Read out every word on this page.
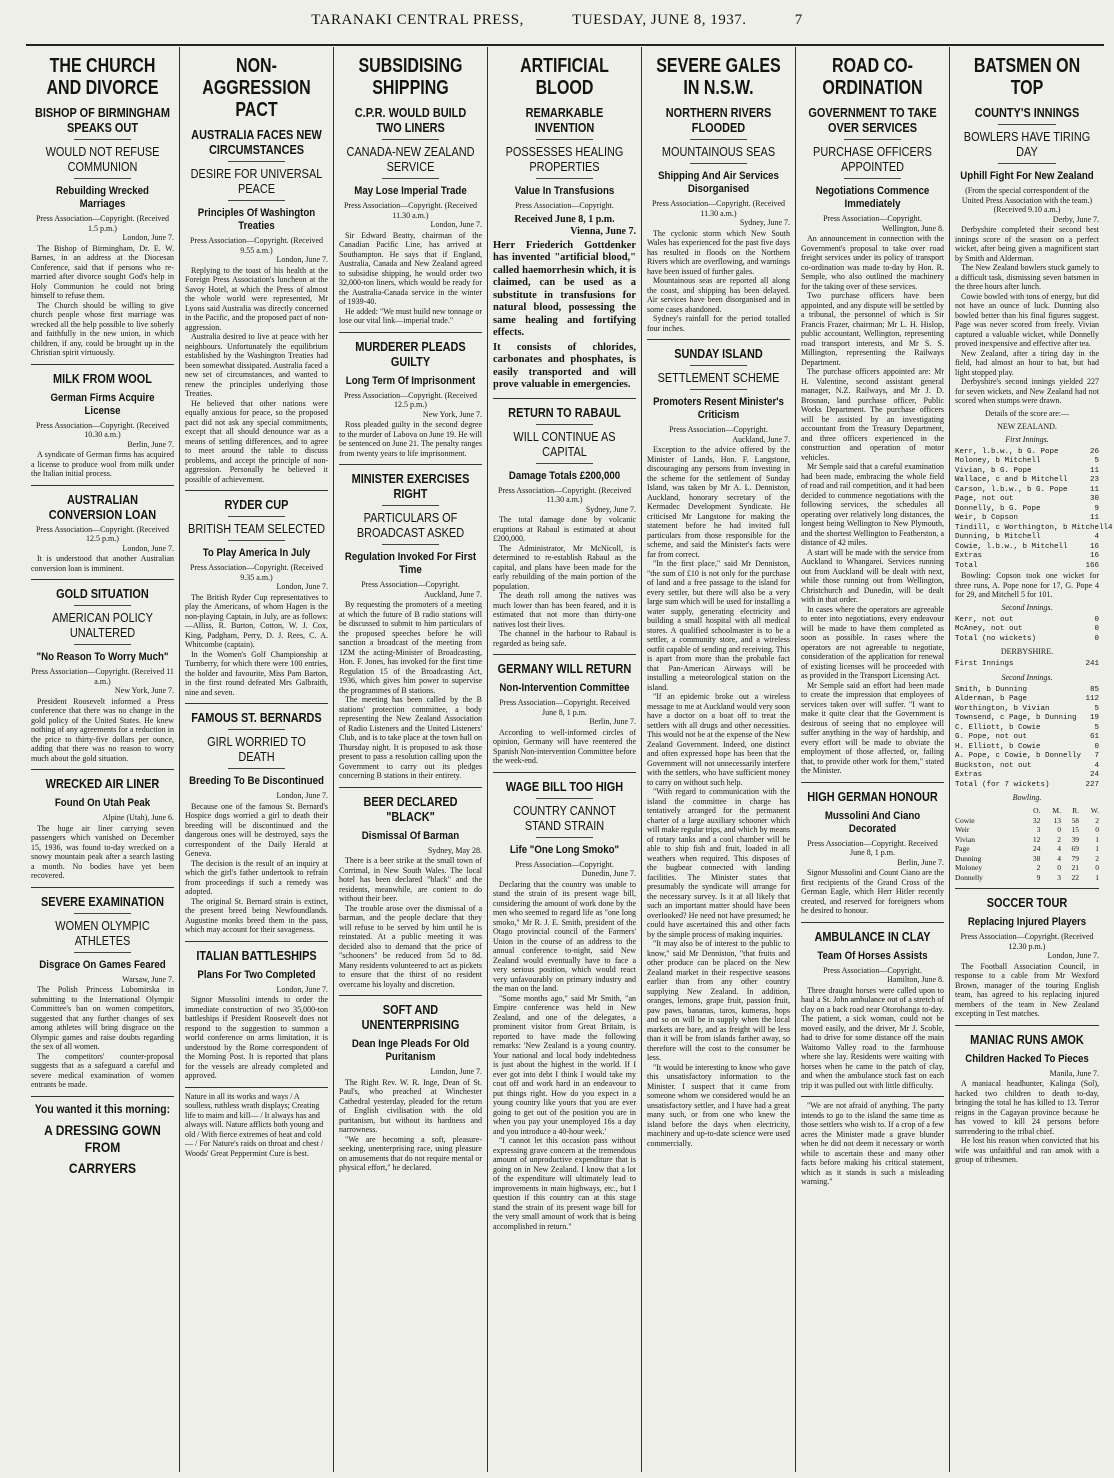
TARANAKI CENTRAL PRESS,	TUESDAY, JUNE 8, 1937.	7
THE CHURCH AND DIVORCE
BISHOP OF BIRMINGHAM SPEAKS OUT
WOULD NOT REFUSE COMMUNION
Rebuilding Wrecked Marriages
Press Association—Copyright. (Received 1.5 p.m.)
London, June 7.

The Bishop of Birmingham, Dr. E. W. Barnes, in an address at the Diocesan Conference, said that if persons who re-married after divorce sought God's help in Holy Communion he could not bring himself to refuse them.

The Church should be willing to give church people whose first marriage was wrecked all the help possible to live soberly and faithfully in the new union, in which children, if any, could be brought up in the Christian spirit virtuously.

MILK FROM WOOL
German Firms Acquire License
Press Association—Copyright. (Received 10.30 a.m.)
Berlin, June 7.

A syndicate of German firms has acquired a license to produce wool from milk under the Italian initial process.

AUSTRALIAN CONVERSION LOAN
Press Association—Copyright. (Received 12.5 p.m.)
London, June 7.

It is understood that another Australian conversion loan is imminent.

GOLD SITUATION
AMERICAN POLICY UNALTERED
"No Reason To Worry Much"
Press Association—Copyright. (Received 11 a.m.)
New York, June 7.

President Roosevelt informed a Press conference that there was no change in the gold policy of the United States. He knew nothing of any agreements for a reduction in the price to thirty-five dollars per ounce, adding that there was no reason to worry much about the gold situation.

WRECKED AIR LINER
Found On Utah Peak
Alpine (Utah), June 6.

The huge air liner carrying seven passengers which vanished on December 15, 1936, was found to-day wrecked on a snowy mountain peak after a search lasting a month. No bodies have yet been recovered.

SEVERE EXAMINATION
WOMEN OLYMPIC ATHLETES
Disgrace On Games Feared
Warsaw, June 7.

The Polish Princess Lubomirska in submitting to the International Olympic Committee's ban on women competitors, suggested that any further changes of sex among athletes will bring disgrace on the Olympic games and raise doubts regarding the sex of all women.

The competitors' counter-proposal suggests that as a safeguard a careful and severe medical examination of women entrants be made.

You wanted it this morning:
A DRESSING GOWN FROM
CARRYERS
NON-AGGRESSION PACT
AUSTRALIA FACES NEW CIRCUMSTANCES
DESIRE FOR UNIVERSAL PEACE
Principles Of Washington Treaties
Press Association—Copyright. (Received 9.55 a.m.)
London, June 7.

Replying to the toast of his health at the Foreign Press Association's luncheon at the Savoy Hotel, at which the Press of almost the whole world were represented, Mr Lyons said Australia was directly concerned in the Pacific, and the proposed pact of non-aggression.

Australia desired to live at peace with her neighbours. Unfortunately the equilibrium established by the Washington Treaties had been somewhat dissipated. Australia faced a new set of circumstances, and wanted to renew the principles underlying those Treaties.

He believed that other nations were equally anxious for peace, so the proposed pact did not ask any special commitments, except that all should denounce war as a means of settling differences, and to agree to meet around the table to discuss problems, and accept the principle of non-aggression. Personally he believed it possible of achievement.

RYDER CUP
BRITISH TEAM SELECTED
To Play America In July
Press Association—Copyright. (Received 9.35 a.m.)
London, June 7.

The British Ryder Cup representatives to play the Americans, of whom Hagen is the non-playing Captain, in July, are as follows:—Alliss, R. Burton, Cotton, W. J. Cox, King, Padgham, Perry, D. J. Rees, C. A. Whitcombe (captain).

In the Women's Golf Championship at Turnberry, for which there were 100 entries, the holder and favourite, Miss Pam Barton, in the first round defeated Mrs Galbraith, nine and seven.

FAMOUS ST. BERNARDS
GIRL WORRIED TO DEATH
Breeding To Be Discontinued
London, June 7.

Because one of the famous St. Bernard's Hospice dogs worried a girl to death their breeding will be discontinued and the dangerous ones will be destroyed, says the correspondent of the Daily Herald at Geneva.

The decision is the result of an inquiry at which the girl's father undertook to refrain from proceedings if such a remedy was adopted.

The original St. Bernard strain is extinct, the present breed being Newfoundlands. Augustine monks breed them in the pass, which may account for their savageness.

ITALIAN BATTLESHIPS
Plans For Two Completed
London, June 7.

Signor Mussolini intends to order the immediate construction of two 35,000-ton battleships if President Roosevelt does not respond to the suggestion to summon a world conference on arms limitation, it is understood by the Rome correspondent of the Morning Post. It is reported that plans for the vessels are already completed and approved.

Nature in all its works and ways / A soulless, ruthless wrath displays; Creating life to maim and kill— / It always has and always will. Nature afflicts both young and old / With fierce extremes of heat and cold— / For Nature's raids on throat and chest / Woods' Great Peppermint Cure is best.

SUBSIDISING SHIPPING
C.P.R. WOULD BUILD TWO LINERS
CANADA-NEW ZEALAND SERVICE
May Lose Imperial Trade
Press Association—Copyright. (Received 11.30 a.m.)
London, June 7.

Sir Edward Beatty, chairman of the Canadian Pacific Line, has arrived at Southampton. He says that if England, Australia, Canada and New Zealand agreed to subsidise shipping, he would order two 32,000-ton liners, which would be ready for the Australia-Canada service in the winter of 1939-40.

He added: "We must build new tonnage or lose our vital link—imperial trade."

MURDERER PLEADS GUILTY
Long Term Of Imprisonment
Press Association—Copyright. (Received 12.5 p.m.)
New York, June 7.

Ross pleaded guilty in the second degree to the murder of Labova on June 19. He will be sentenced on June 21. The penalty ranges from twenty years to life imprisonment.

MINISTER EXERCISES RIGHT
PARTICULARS OF BROADCAST ASKED
Regulation Invoked For First Time
Press Association—Copyright.
Auckland, June 7.

By requesting the promoters of a meeting at which the future of B radio stations will be discussed to submit to him particulars of the proposed speeches before he will sanction a broadcast of the meeting from 1ZM the acting-Minister of Broadcasting, Hon. F. Jones, has invoked for the first time Regulation 15 of the Broadcasting Act, 1936, which gives him power to supervise the programmes of B stations.

The meeting has been called by the B stations' protection committee, a body representing the New Zealand Association of Radio Listeners and the United Listeners' Club, and is to take place at the town hall on Thursday night. It is proposed to ask those present to pass a resolution calling upon the Government to carry out its pledges concerning B stations in their entirety.

BEER DECLARED "BLACK"
Dismissal Of Barman
Sydney, May 28.

There is a beer strike at the small town of Corrimal, in New South Wales. The local hotel has been declared "black" and the residents, meanwhile, are content to do without their beer.

The trouble arose over the dismissal of a barman, and the people declare that they will refuse to be served by him until he is reinstated. At a public meeting it was decided also to demand that the price of "schooners" be reduced from 5d to 8d. Many residents volunteered to act as pickets to ensure that the thirst of no resident overcame his loyalty and discretion.

SOFT AND UNENTERPRISING
Dean Inge Pleads For Old Puritanism
London, June 7.

The Right Rev. W. R. Inge, Dean of St. Paul's, who preached at Winchester Cathedral yesterday, pleaded for the return of English civilisation with the old puritanism, but without its hardness and narrowness.

"We are becoming a soft, pleasure-seeking, unenterprising race, using pleasure on amusements that do not require mental or physical effort," he declared.

ARTIFICIAL BLOOD
REMARKABLE INVENTION
POSSESSES HEALING PROPERTIES
Value In Transfusions
Press Association—Copyright.
Received June 8, 1 p.m.
Vienna, June 7.

Herr Friederich Gottdenker has invented "artificial blood," called haemorrhesin which, it is claimed, can be used as a substitute in transfusions for natural blood, possessing the same healing and fortifying effects.

It consists of chlorides, carbonates and phosphates, is easily transported and will prove valuable in emergencies.

RETURN TO RABAUL
WILL CONTINUE AS CAPITAL
Damage Totals £200,000
Press Association—Copyright. (Received 11.30 a.m.)
Sydney, June 7.

The total damage done by volcanic eruptions at Rabaul is estimated at about £200,000.

The Administrator, Mr McNicoll, is determined to re-establish Rabaul as the capital, and plans have been made for the early rebuilding of the main portion of the population.

The death roll among the natives was much lower than has been feared, and it is estimated that not more than thirty-one natives lost their lives.

The channel in the harbour to Rabaul is regarded as being safe.

GERMANY WILL RETURN
Non-Intervention Committee
Press Association—Copyright. Received June 8, 1 p.m.
Berlin, June 7.

According to well-informed circles of opinion, Germany will have reentered the Spanish Non-intervention Committee before the week-end.

WAGE BILL TOO HIGH
COUNTRY CANNOT STAND STRAIN
Life "One Long Smoko"
Press Association—Copyright.
Dunedin, June 7.

Declaring that the country was unable to stand the strain of its present wage bill, considering the amount of work done by the men who seemed to regard life as "one long smoko," Mr R. J. E. Smith, president of the Otago provincial council of the Farmers' Union in the course of an address to the annual conference to-night, said New Zealand would eventually have to face a very serious position, which would react very unfavourably on primary industry and the man on the land.

"Some months ago," said Mr Smith, "an Empire conference was held in New Zealand, and one of the delegates, a prominent visitor from Great Britain, is reported to have made the following remarks: 'New Zealand is a young country. Your national and local body indebtedness is just about the highest in the world. If I ever got into debt I think I would take my coat off and work hard in an endeavour to put things right. How do you expect in a young country like yours that you are ever going to get out of the position you are in when you pay your unemployed 16s a day and you introduce a 40-hour week.'

"I cannot let this occasion pass without expressing grave concern at the tremendous amount of unproductive expenditure that is going on in New Zealand. I know that a lot of the expenditure will ultimately lead to improvements in main highways, etc., but I question if this country can at this stage stand the strain of its present wage bill for the very small amount of work that is being accomplished in return."

SEVERE GALES IN N.S.W.
NORTHERN RIVERS FLOODED
MOUNTAINOUS SEAS
Shipping And Air Services Disorganised
Press Association—Copyright. (Received 11.30 a.m.)
Sydney, June 7.

The cyclonic storm which New South Wales has experienced for the past five days has resulted in floods on the Northern Rivers which are overflowing, and warnings have been issued of further gales.

Mountainous seas are reported all along the coast, and shipping has been delayed. Air services have been disorganised and in some cases abandoned.

Sydney's rainfall for the period totalled four inches.

SUNDAY ISLAND
SETTLEMENT SCHEME
Promoters Resent Minister's Criticism
Press Association—Copyright.
Auckland, June 7.

Exception to the advice offered by the Minister of Lands, Hon. F. Langstone, discouraging any persons from investing in the scheme for the settlement of Sunday Island, was taken by Mr A. L. Denniston, Auckland, honorary secretary of the Kermadec Development Syndicate. He criticised Mr Langstone for making the statement before he had invited full particulars from those responsible for the scheme, and said the Minister's facts were far from correct.

"In the first place," said Mr Denniston, "the sum of £10 is not only for the purchase of land and a free passage to the island for every settler, but there will also be a very large sum which will be used for installing a water supply, generating electricity and building a small hospital with all medical stores. A qualified schoolmaster is to be a settler, a community store, and a wireless outfit capable of sending and receiving. This is apart from more than the probable fact that Pan-American Airways will be installing a meteorological station on the island.

"If an epidemic broke out a wireless message to me at Auckland would very soon have a doctor on a boat off to treat the settlers with all drugs and other necessities. This would not be at the expense of the New Zealand Government. Indeed, one distinct and often expressed hope has been that the Government will not unnecessarily interfere with the settlers, who have sufficient money to carry on without such help.

"With regard to communication with the island the committee in charge has tentatively arranged for the permanent charter of a large auxiliary schooner which will make regular trips, and which by means of rotary tanks and a cool chamber will be able to ship fish and fruit, loaded in all weathers when required. This disposes of the bugbear connected with landing facilities. The Minister states that presumably the syndicate will arrange for the necessary survey. Is it at all likely that such an important matter should have been overlooked? He need not have presumed; he could have ascertained this and other facts by the simple process of making inquiries.

"It may also be of interest to the public to know," said Mr Denniston, "that fruits and other produce can be placed on the New Zealand market in their respective seasons earlier than from any other country supplying New Zealand. In addition, oranges, lemons, grape fruit, passion fruit, paw paws, bananas, taros, kumeras, hops and so on will be in supply when the local markets are bare, and as freight will be less than it will be from islands farther away, so therefore will the cost to the consumer be less.

"It would be interesting to know who gave this unsatisfactory information to the Minister. I suspect that it came from someone whom we considered would be an unsatisfactory settler, and I have had a great many such, or from one who knew the island before the days when electricity, machinery and up-to-date science were used commercially.

ROAD CO-ORDINATION
GOVERNMENT TO TAKE OVER SERVICES
PURCHASE OFFICERS APPOINTED
Negotiations Commence Immediately
Press Association—Copyright.
Wellington, June 8.

An announcement in connection with the Government's proposal to take over road freight services under its policy of transport co-ordination was made to-day by Hon. R. Semple, who also outlined the machinery for the taking over of these services.

Two purchase officers have been appointed, and any dispute will be settled by a tribunal, the personnel of which is Sir Francis Frazer, chairman; Mr L. H. Hislop, public accountant, Wellington, representing road transport interests, and Mr S. S. Millington, representing the Railways Department.

The purchase officers appointed are: Mr H. Valentine, second assistant general manager, N.Z. Railways, and Mr J. D. Brosnan, land purchase officer, Public Works Department. The purchase officers will be assisted by an investigating accountant from the Treasury Department, and three officers experienced in the construction and operation of motor vehicles.

Mr Semple said that a careful examination had been made, embracing the whole field of road and rail competition, and it had been decided to commence negotiations with the following services, the schedules all operating over relatively long distances, the longest being Wellington to New Plymouth, and the shortest Wellington to Featherston, a distance of 42 miles.

A start will be made with the service from Auckland to Whangarei. Services running out from Auckland will be dealt with next, while those running out from Wellington, Christchurch and Dunedin, will be dealt with in that order.

In cases where the operators are agreeable to enter into negotiations, every endeavour will be made to have them completed as soon as possible. In cases where the operators are not agreeable to negotiate, consideration of the application for renewal of existing licenses will be proceeded with as provided in the Transport Licensing Act.

Mr Semple said an effort had been made to create the impression that employees of services taken over will suffer. "I want to make it quite clear that the Government is desirous of seeing that no employee will suffer anything in the way of hardship, and every effort will be made to obviate the employment of those affected, or, failing that, to provide other work for them," stated the Minister.

HIGH GERMAN HONOUR
Mussolini And Ciano Decorated
Press Association—Copyright. Received June 8, 1 p.m.
Berlin, June 7.

Signor Mussolini and Count Ciano are the first recipients of the Grand Cross of the German Eagle, which Herr Hitler recently created, and reserved for foreigners whom he desired to honour.

AMBULANCE IN CLAY
Team Of Horses Assists
Press Association—Copyright.
Hamilton, June 8.

Three draught horses were called upon to haul a St. John ambulance out of a stretch of clay on a back road near Otorohanga to-day. The patient, a sick woman, could not be moved easily, and the driver, Mr J. Scoble, had to drive for some distance off the main Waitomo Valley road to the farmhouse where she lay. Residents were waiting with horses when he came to the patch of clay, and when the ambulance stuck fast on each trip it was pulled out with little difficulty.

"We are not afraid of anything. The party intends to go to the island the same time as those settlers who wish to. If a crop of a few acres the Minister made a grave blunder when he did not deem it necessary or worth while to ascertain these and many other facts before making his critical statement, which as it stands is such a misleading warning."

BATSMEN ON TOP
COUNTY'S INNINGS
BOWLERS HAVE TIRING DAY
Uphill Fight For New Zealand
(From the special correspondent of the United Press Association with the team.) (Received 9.10 a.m.)
Derby, June 7.

Derbyshire completed their second best innings score of the season on a perfect wicket, after being given a magnificent start by Smith and Alderman.

The New Zealand bowlers stuck gamely to a difficult task, dismissing seven batsmen in the three hours after lunch.

Cowie bowled with tons of energy, but did not have an ounce of luck. Dunning also bowled better than his final figures suggest. Page was never scored from freely. Vivian captured a valuable wicket, while Donnelly proved inexpensive and effective after tea.

New Zealand, after a tiring day in the field, had almost an hour to bat, but had light stopped play.

Derbyshire's second innings yielded 227 for seven wickets, and New Zealand had not scored when stumps were drawn.

Details of the score are:—
NEW ZEALAND.
First Innings.
Kerr, l.b.w., b G. Pope	26
Moloney, b Mitchell	5
Vivian, b G. Pope	11
Wallace, c and b Mitchell	23
Carson, l.b.w., b G. Pope	11
Page, not out	30
Donnelly, b G. Pope	9
Weir, b Copson	11
Tindill, c Worthington, b Mitchell 4
Dunning, b Mitchell	4
Cowie, l.b.w., b Mitchell	16
Extras	16
Total	166

Bowling: Copson took one wicket for three runs, A. Pope none for 17, G. Pope 4 for 29, and Mitchell 5 for 101.

Second Innings.
Kerr, not out	0
McAney, not out	0
Total (no wickets)	0
DERBYSHIRE.
First Innings	241
Second Innings.
Smith, b Dunning	85
Alderman, b Page	112
Worthington, b Vivian	5
Townsend, c Page, b Dunning 19
C. Elliott, b Cowie	5
G. Pope, not out	61
H. Elliott, b Cowie	0
A. Pope, c Cowie, b Donnelly 7
Buckston, not out	4
Extras	24
Total (for 7 wickets)	227
Bowling.
	O.	M.	R.	W.
Cowie	32	13	58	2
Weir	3	0	15	0
Vivian	12	2	39	1
Page	24	4	69	1
Dunning	38	4	79	2
Moloney	2	0	21	0
Donnelly	9	3	22	1
SOCCER TOUR
Replacing Injured Players
Press Association—Copyright. (Received 12.30 p.m.)
London, June 7.

The Football Association Council, in response to a cable from Mr Wexford Brown, manager of the touring English team, has agreed to his replacing injured members of the team in New Zealand excepting in Test matches.

MANIAC RUNS AMOK
Children Hacked To Pieces
Manila, June 7.

A maniacal headhunter, Kalinga (Sol), hacked two children to death to-day, bringing the total he has killed to 13. Terror reigns in the Cagayan province because he has vowed to kill 24 persons before surrendering to the tribal chief.

He lost his reason when convicted that his wife was unfaithful and ran amok with a group of tribesmen.
